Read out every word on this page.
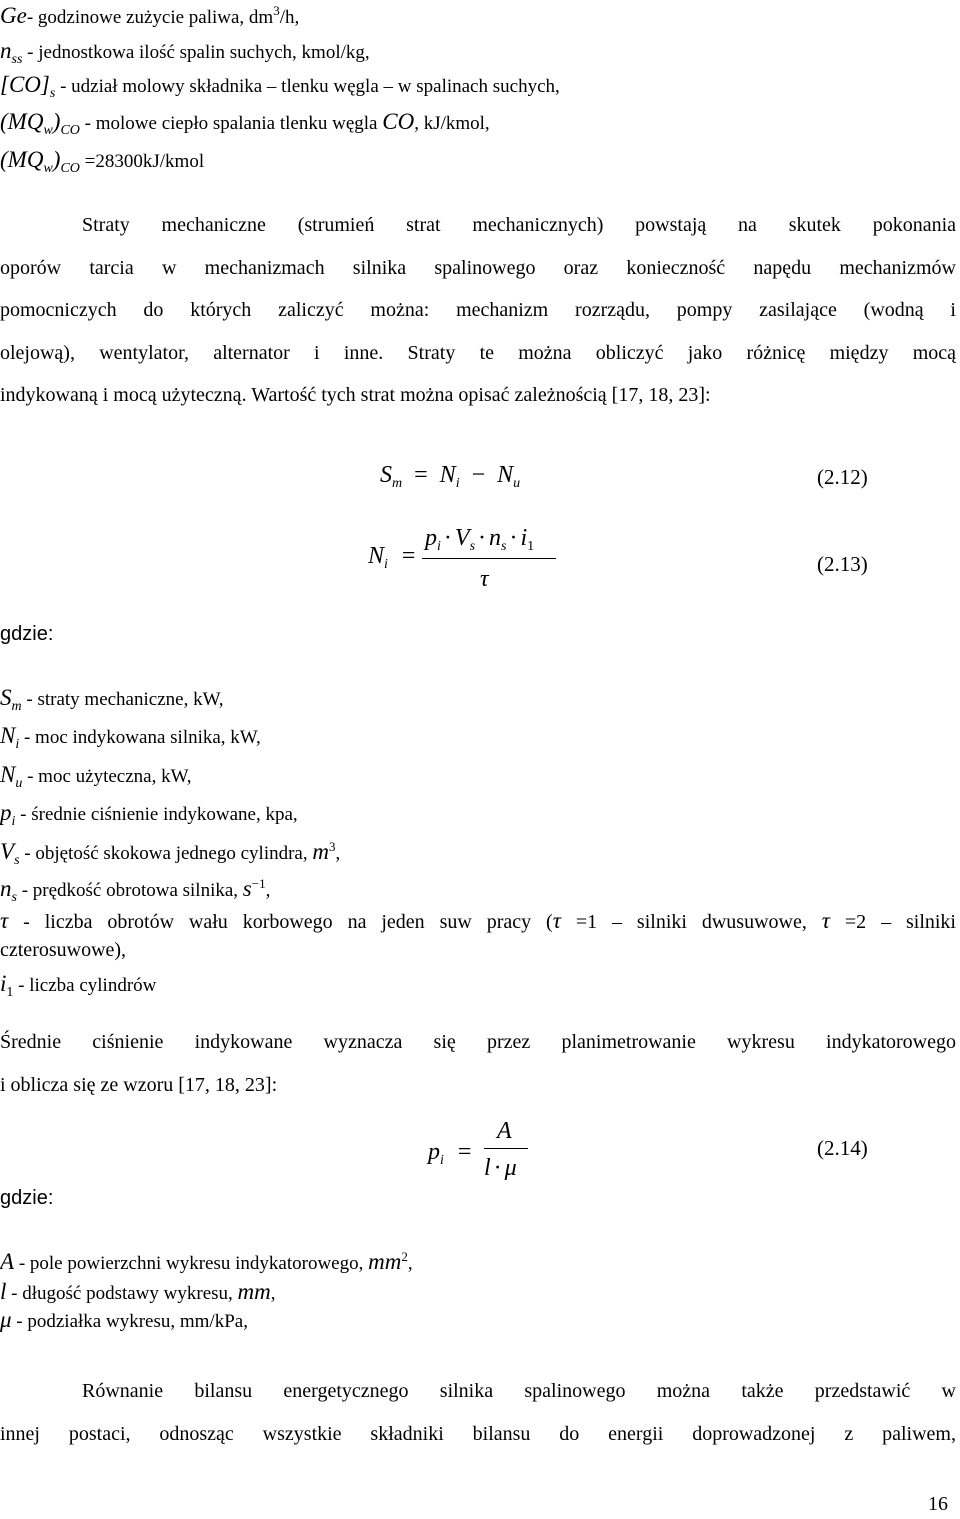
Ge- godzinowe zużycie paliwa, $dm^3/h$,
$n_{ss}$ - jednostkowa ilość spalin suchych, kmol/kg,
$[CO]_s$ - udział molowy składnika – tlenku węgla – w spalinach suchych,
$(MQ_w)_{CO}$ - molowe ciepło spalania tlenku węgla CO, kJ/kmol,
$(MQ_w)_{CO}$ =28300kJ/kmol
Straty mechaniczne (strumień strat mechanicznych) powstają na skutek pokonania
oporów tarcia w mechanizmach silnika spalinowego oraz konieczność napędu mechanizmów
pomocniczych do których zaliczyć można: mechanizm rozrządu, pompy zasilające (wodną i
olejową), wentylator, alternator i inne. Straty te można obliczyć jako różnicę między mocą
indykowaną i mocą użyteczną. Wartość tych strat można opisać zależnością [17, 18, 23]:
$S_m = N_i - N_u$	(2.12)
$N_i$ =
$p_i \cdot V_s \cdot n_s \cdot i_1$
τ
(2.13)
gdzie:
$S_m$ - straty mechaniczne, kW,
$N_i$ - moc indykowana silnika, kW,
$N_u$ - moc użyteczna, kW,
$p_i$ - średnie ciśnienie indykowane, kpa,
$V_s$ - objętość skokowa jednego cylindra, $m^3$,
$n_s$ - prędkość obrotowa silnika, $s^{-1}$,
τ - liczba obrotów wału korbowego na jeden suw pracy (τ =1 – silniki dwusuwowe, τ =2 – silniki
czterosuwowe),
$i_1$ - liczba cylindrów
Średnie ciśnienie indykowane wyznacza się przez planimetrowanie wykresu indykatorowego
i oblicza się ze wzoru [17, 18, 23]:
$p_i$ =
A
l · μ
(2.14)
gdzie:
A - pole powierzchni wykresu indykatorowego, $mm^2$,
l - długość podstawy wykresu, mm,
μ - podziałka wykresu, mm/kPa,
Równanie bilansu energetycznego silnika spalinowego można także przedstawić w
innej postaci, odnosząc wszystkie składniki bilansu do energii doprowadzonej z paliwem,
16
